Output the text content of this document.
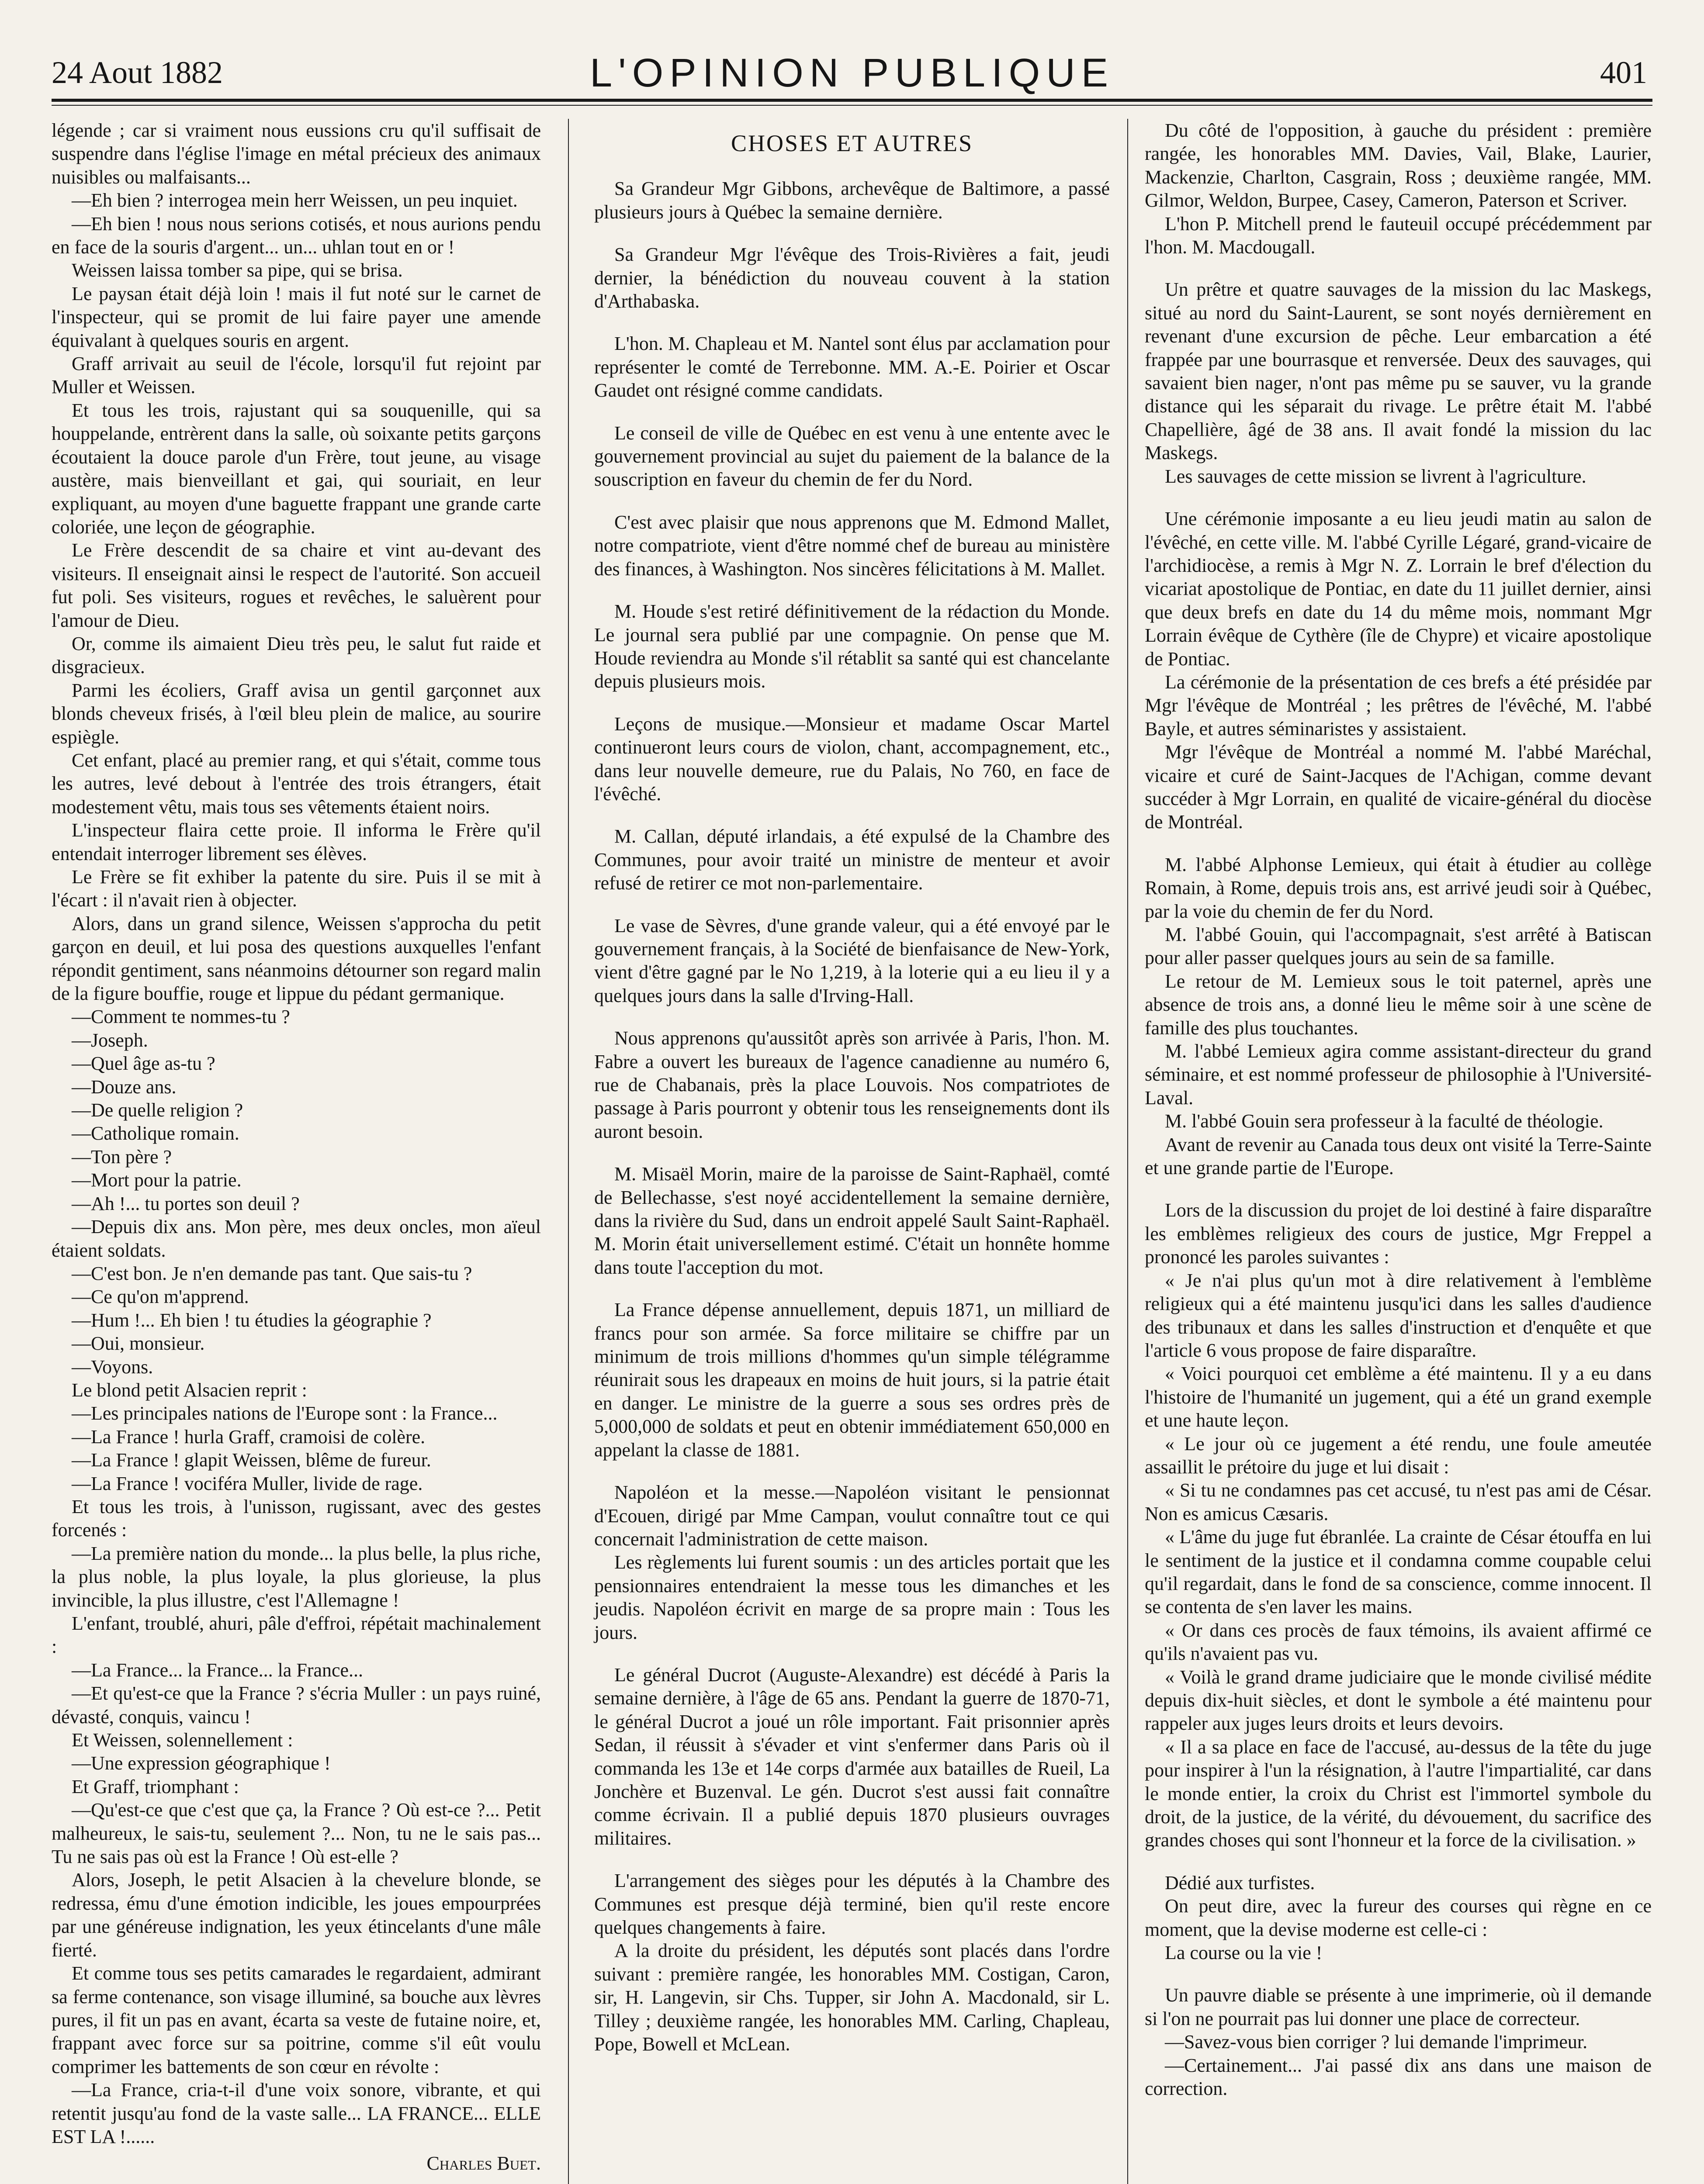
24 Aout 1882	L'OPINION PUBLIQUE	401

légende ; car si vraiment nous eussions cru qu'il suffisait de suspendre dans l'église l'image en métal précieux des animaux nuisibles ou malfaisants...

—Eh bien ? interrogea mein herr Weissen, un peu inquiet.

—Eh bien ! nous nous serions cotisés, et nous aurions pendu en face de la souris d'argent... un... uhlan tout en or !

Weissen laissa tomber sa pipe, qui se brisa.

Le paysan était déjà loin ! mais il fut noté sur le carnet de l'inspecteur, qui se promit de lui faire payer une amende équivalant à quelques souris en argent.

Graff arrivait au seuil de l'école, lorsqu'il fut rejoint par Muller et Weissen.

Et tous les trois, rajustant qui sa souquenille, qui sa houppelande, entrèrent dans la salle, où soixante petits garçons écoutaient la douce parole d'un Frère, tout jeune, au visage austère, mais bienveillant et gai, qui souriait, en leur expliquant, au moyen d'une baguette frappant une grande carte coloriée, une leçon de géographie.

Le Frère descendit de sa chaire et vint au-devant des visiteurs. Il enseignait ainsi le respect de l'autorité. Son accueil fut poli. Ses visiteurs, rogues et revêches, le saluèrent pour l'amour de Dieu.

Or, comme ils aimaient Dieu très peu, le salut fut raide et disgracieux.

Parmi les écoliers, Graff avisa un gentil garçonnet aux blonds cheveux frisés, à l'œil bleu plein de malice, au sourire espiègle.

Cet enfant, placé au premier rang, et qui s'était, comme tous les autres, levé debout à l'entrée des trois étrangers, était modestement vêtu, mais tous ses vêtements étaient noirs.

L'inspecteur flaira cette proie. Il informa le Frère qu'il entendait interroger librement ses élèves.

Le Frère se fit exhiber la patente du sire. Puis il se mit à l'écart : il n'avait rien à objecter.

Alors, dans un grand silence, Weissen s'approcha du petit garçon en deuil, et lui posa des questions auxquelles l'enfant répondit gentiment, sans néanmoins détourner son regard malin de la figure bouffie, rouge et lippue du pédant germanique.

—Comment te nommes-tu ?

—Joseph.

—Quel âge as-tu ?

—Douze ans.

—De quelle religion ?

—Catholique romain.

—Ton père ?

—Mort pour la patrie.

—Ah !... tu portes son deuil ?

—Depuis dix ans. Mon père, mes deux oncles, mon aïeul étaient soldats.

—C'est bon. Je n'en demande pas tant. Que sais-tu ?

—Ce qu'on m'apprend.

—Hum !... Eh bien ! tu étudies la géographie ?

—Oui, monsieur.

—Voyons.

Le blond petit Alsacien reprit :

—Les principales nations de l'Europe sont : la France...

—La France ! hurla Graff, cramoisi de colère.

—La France ! glapit Weissen, blême de fureur.

—La France ! vociféra Muller, livide de rage.

Et tous les trois, à l'unisson, rugissant, avec des gestes forcenés :

—La première nation du monde... la plus belle, la plus riche, la plus noble, la plus loyale, la plus glorieuse, la plus invincible, la plus illustre, c'est l'Allemagne !

L'enfant, troublé, ahuri, pâle d'effroi, répétait machinalement :

—La France... la France... la France...

—Et qu'est-ce que la France ? s'écria Muller : un pays ruiné, dévasté, conquis, vaincu !

Et Weissen, solennellement :

—Une expression géographique !

Et Graff, triomphant :

—Qu'est-ce que c'est que ça, la France ? Où est-ce ?... Petit malheureux, le sais-tu, seulement ?... Non, tu ne le sais pas... Tu ne sais pas où est la France ! Où est-elle ?

Alors, Joseph, le petit Alsacien à la chevelure blonde, se redressa, ému d'une émotion indicible, les joues empourprées par une généreuse indignation, les yeux étincelants d'une mâle fierté.

Et comme tous ses petits camarades le regardaient, admirant sa ferme contenance, son visage illuminé, sa bouche aux lèvres pures, il fit un pas en avant, écarta sa veste de futaine noire, et, frappant avec force sur sa poitrine, comme s'il eût voulu comprimer les battements de son cœur en révolte :

—La France, cria-t-il d'une voix sonore, vibrante, et qui retentit jusqu'au fond de la vaste salle... LA FRANCE... ELLE EST LA !......

Charles Buet.

CHOSES ET AUTRES

Sa Grandeur Mgr Gibbons, archevêque de Baltimore, a passé plusieurs jours à Québec la semaine dernière.

Sa Grandeur Mgr l'évêque des Trois-Rivières a fait, jeudi dernier, la bénédiction du nouveau couvent à la station d'Arthabaska.

L'hon. M. Chapleau et M. Nantel sont élus par acclamation pour représenter le comté de Terrebonne. MM. A.-E. Poirier et Oscar Gaudet ont résigné comme candidats.

Le conseil de ville de Québec en est venu à une entente avec le gouvernement provincial au sujet du paiement de la balance de la souscription en faveur du chemin de fer du Nord.

C'est avec plaisir que nous apprenons que M. Edmond Mallet, notre compatriote, vient d'être nommé chef de bureau au ministère des finances, à Washington. Nos sincères félicitations à M. Mallet.

M. Houde s'est retiré définitivement de la rédaction du Monde. Le journal sera publié par une compagnie. On pense que M. Houde reviendra au Monde s'il rétablit sa santé qui est chancelante depuis plusieurs mois.

Leçons de musique.—Monsieur et madame Oscar Martel continueront leurs cours de violon, chant, accompagnement, etc., dans leur nouvelle demeure, rue du Palais, No 760, en face de l'évêché.

M. Callan, député irlandais, a été expulsé de la Chambre des Communes, pour avoir traité un ministre de menteur et avoir refusé de retirer ce mot non-parlementaire.

Le vase de Sèvres, d'une grande valeur, qui a été envoyé par le gouvernement français, à la Société de bienfaisance de New-York, vient d'être gagné par le No 1,219, à la loterie qui a eu lieu il y a quelques jours dans la salle d'Irving-Hall.

Nous apprenons qu'aussitôt après son arrivée à Paris, l'hon. M. Fabre a ouvert les bureaux de l'agence canadienne au numéro 6, rue de Chabanais, près la place Louvois. Nos compatriotes de passage à Paris pourront y obtenir tous les renseignements dont ils auront besoin.

M. Misaël Morin, maire de la paroisse de Saint-Raphaël, comté de Bellechasse, s'est noyé accidentellement la semaine dernière, dans la rivière du Sud, dans un endroit appelé Sault Saint-Raphaël. M. Morin était universellement estimé. C'était un honnête homme dans toute l'acception du mot.

La France dépense annuellement, depuis 1871, un milliard de francs pour son armée. Sa force militaire se chiffre par un minimum de trois millions d'hommes qu'un simple télégramme réunirait sous les drapeaux en moins de huit jours, si la patrie était en danger. Le ministre de la guerre a sous ses ordres près de 5,000,000 de soldats et peut en obtenir immédiatement 650,000 en appelant la classe de 1881.

Napoléon et la messe.—Napoléon visitant le pensionnat d'Ecouen, dirigé par Mme Campan, voulut connaître tout ce qui concernait l'administration de cette maison.

Les règlements lui furent soumis : un des articles portait que les pensionnaires entendraient la messe tous les dimanches et les jeudis. Napoléon écrivit en marge de sa propre main : Tous les jours.

Le général Ducrot (Auguste-Alexandre) est décédé à Paris la semaine dernière, à l'âge de 65 ans. Pendant la guerre de 1870-71, le général Ducrot a joué un rôle important. Fait prisonnier après Sedan, il réussit à s'évader et vint s'enfermer dans Paris où il commanda les 13e et 14e corps d'armée aux batailles de Rueil, La Jonchère et Buzenval. Le gén. Ducrot s'est aussi fait connaître comme écrivain. Il a publié depuis 1870 plusieurs ouvrages militaires.

L'arrangement des sièges pour les députés à la Chambre des Communes est presque déjà terminé, bien qu'il reste encore quelques changements à faire.

A la droite du président, les députés sont placés dans l'ordre suivant : première rangée, les honorables MM. Costigan, Caron, sir, H. Langevin, sir Chs. Tupper, sir John A. Macdonald, sir L. Tilley ; deuxième rangée, les honorables MM. Carling, Chapleau, Pope, Bowell et McLean.

Du côté de l'opposition, à gauche du président : première rangée, les honorables MM. Davies, Vail, Blake, Laurier, Mackenzie, Charlton, Casgrain, Ross ; deuxième rangée, MM. Gilmor, Weldon, Burpee, Casey, Cameron, Paterson et Scriver.

L'hon P. Mitchell prend le fauteuil occupé précédemment par l'hon. M. Macdougall.

Un prêtre et quatre sauvages de la mission du lac Maskegs, situé au nord du Saint-Laurent, se sont noyés dernièrement en revenant d'une excursion de pêche. Leur embarcation a été frappée par une bourrasque et renversée. Deux des sauvages, qui savaient bien nager, n'ont pas même pu se sauver, vu la grande distance qui les séparait du rivage. Le prêtre était M. l'abbé Chapellière, âgé de 38 ans. Il avait fondé la mission du lac Maskegs.

Les sauvages de cette mission se livrent à l'agriculture.

Une cérémonie imposante a eu lieu jeudi matin au salon de l'évêché, en cette ville. M. l'abbé Cyrille Légaré, grand-vicaire de l'archidiocèse, a remis à Mgr N. Z. Lorrain le bref d'élection du vicariat apostolique de Pontiac, en date du 11 juillet dernier, ainsi que deux brefs en date du 14 du même mois, nommant Mgr Lorrain évêque de Cythère (île de Chypre) et vicaire apostolique de Pontiac.

La cérémonie de la présentation de ces brefs a été présidée par Mgr l'évêque de Montréal ; les prêtres de l'évêché, M. l'abbé Bayle, et autres séminaristes y assistaient.

Mgr l'évêque de Montréal a nommé M. l'abbé Maréchal, vicaire et curé de Saint-Jacques de l'Achigan, comme devant succéder à Mgr Lorrain, en qualité de vicaire-général du diocèse de Montréal.

M. l'abbé Alphonse Lemieux, qui était à étudier au collège Romain, à Rome, depuis trois ans, est arrivé jeudi soir à Québec, par la voie du chemin de fer du Nord.

M. l'abbé Gouin, qui l'accompagnait, s'est arrêté à Batiscan pour aller passer quelques jours au sein de sa famille.

Le retour de M. Lemieux sous le toit paternel, après une absence de trois ans, a donné lieu le même soir à une scène de famille des plus touchantes.

M. l'abbé Lemieux agira comme assistant-directeur du grand séminaire, et est nommé professeur de philosophie à l'Université-Laval.

M. l'abbé Gouin sera professeur à la faculté de théologie.

Avant de revenir au Canada tous deux ont visité la Terre-Sainte et une grande partie de l'Europe.

Lors de la discussion du projet de loi destiné à faire disparaître les emblèmes religieux des cours de justice, Mgr Freppel a prononcé les paroles suivantes :

« Je n'ai plus qu'un mot à dire relativement à l'emblème religieux qui a été maintenu jusqu'ici dans les salles d'audience des tribunaux et dans les salles d'instruction et d'enquête et que l'article 6 vous propose de faire disparaître.

« Voici pourquoi cet emblème a été maintenu. Il y a eu dans l'histoire de l'humanité un jugement, qui a été un grand exemple et une haute leçon.

« Le jour où ce jugement a été rendu, une foule ameutée assaillit le prétoire du juge et lui disait :

« Si tu ne condamnes pas cet accusé, tu n'est pas ami de César. Non es amicus Cæsaris.

« L'âme du juge fut ébranlée. La crainte de César étouffa en lui le sentiment de la justice et il condamna comme coupable celui qu'il regardait, dans le fond de sa conscience, comme innocent. Il se contenta de s'en laver les mains.

« Or dans ces procès de faux témoins, ils avaient affirmé ce qu'ils n'avaient pas vu.

« Voilà le grand drame judiciaire que le monde civilisé médite depuis dix-huit siècles, et dont le symbole a été maintenu pour rappeler aux juges leurs droits et leurs devoirs.

« Il a sa place en face de l'accusé, au-dessus de la tête du juge pour inspirer à l'un la résignation, à l'autre l'impartialité, car dans le monde entier, la croix du Christ est l'immortel symbole du droit, de la justice, de la vérité, du dévouement, du sacrifice des grandes choses qui sont l'honneur et la force de la civilisation. »

Dédié aux turfistes.

On peut dire, avec la fureur des courses qui règne en ce moment, que la devise moderne est celle-ci :

La course ou la vie !

Un pauvre diable se présente à une imprimerie, où il demande si l'on ne pourrait pas lui donner une place de correcteur.

—Savez-vous bien corriger ? lui demande l'imprimeur.

—Certainement... J'ai passé dix ans dans une maison de correction.
